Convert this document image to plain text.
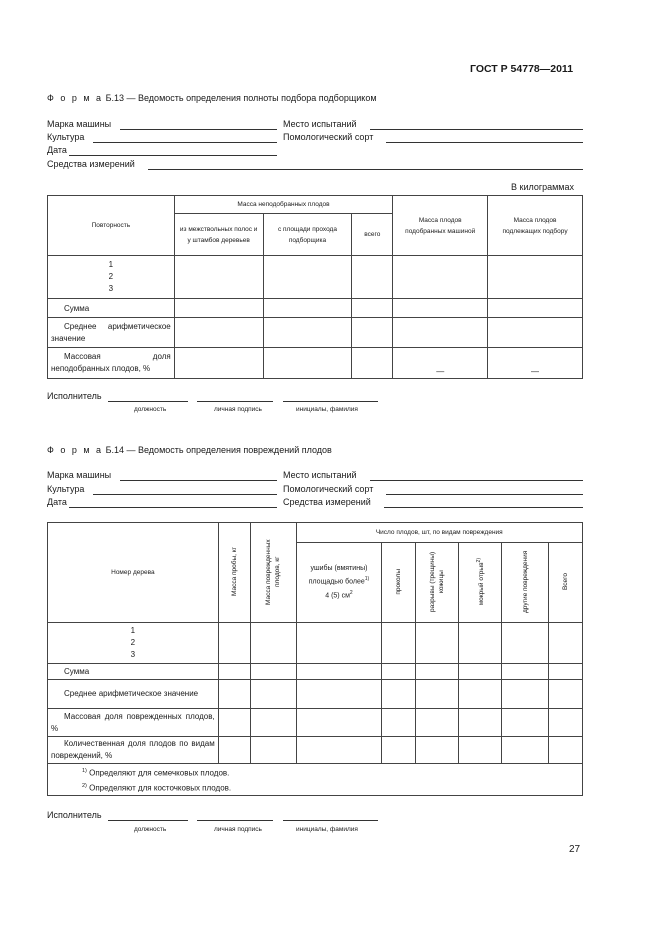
ГОСТ Р 54778—2011
Ф о р м а Б.13 — Ведомость определения полноты подбора подборщиком
Марка машины	Место испытаний
Культура	Помологический сорт
Дата
Средства измерений
В килограммах
Повторность	Масса неподобранных плодов			Масса плодов подобранных машиной	Масса плодов подлежащих подбору
	из межствольных полос и у штамбов деревьев	с площади прохода подборщика	всего		

1
2
3					

Сумма					
Среднее арифметическое значение					
Массовая доля неподобранных плодов, %				—	—
Исполнитель
должность	личная подпись	инициалы, фамилия
Ф о р м а Б.14 — Ведомость определения повреждений плодов
Марка машины	Место испытаний
Культура	Помологический сорт
Дата	Средства измерений
Номер дерева	Масса пробы, кг	Масса поврежденных плодов, кг	Число плодов, шт, по видам повреждения					
			ушибы (вмятины) площадью более$^{1)}$
4 (5) $см^2$	проколы	разрывы (трещины) кожицы	мокрый отрыв$^{2)}$	другие повреждения	Всего

1
2
3								

Сумма								
Среднее арифметическое значение								
Массовая доля поврежденных плодов, %								
Количественная доля плодов по видам повреждений, %								

$^{1)}$ Определяют для семечковых плодов.
$^{2)}$ Определяют для косточковых плодов.								
Исполнитель
должность	личная подпись	инициалы, фамилия
27
